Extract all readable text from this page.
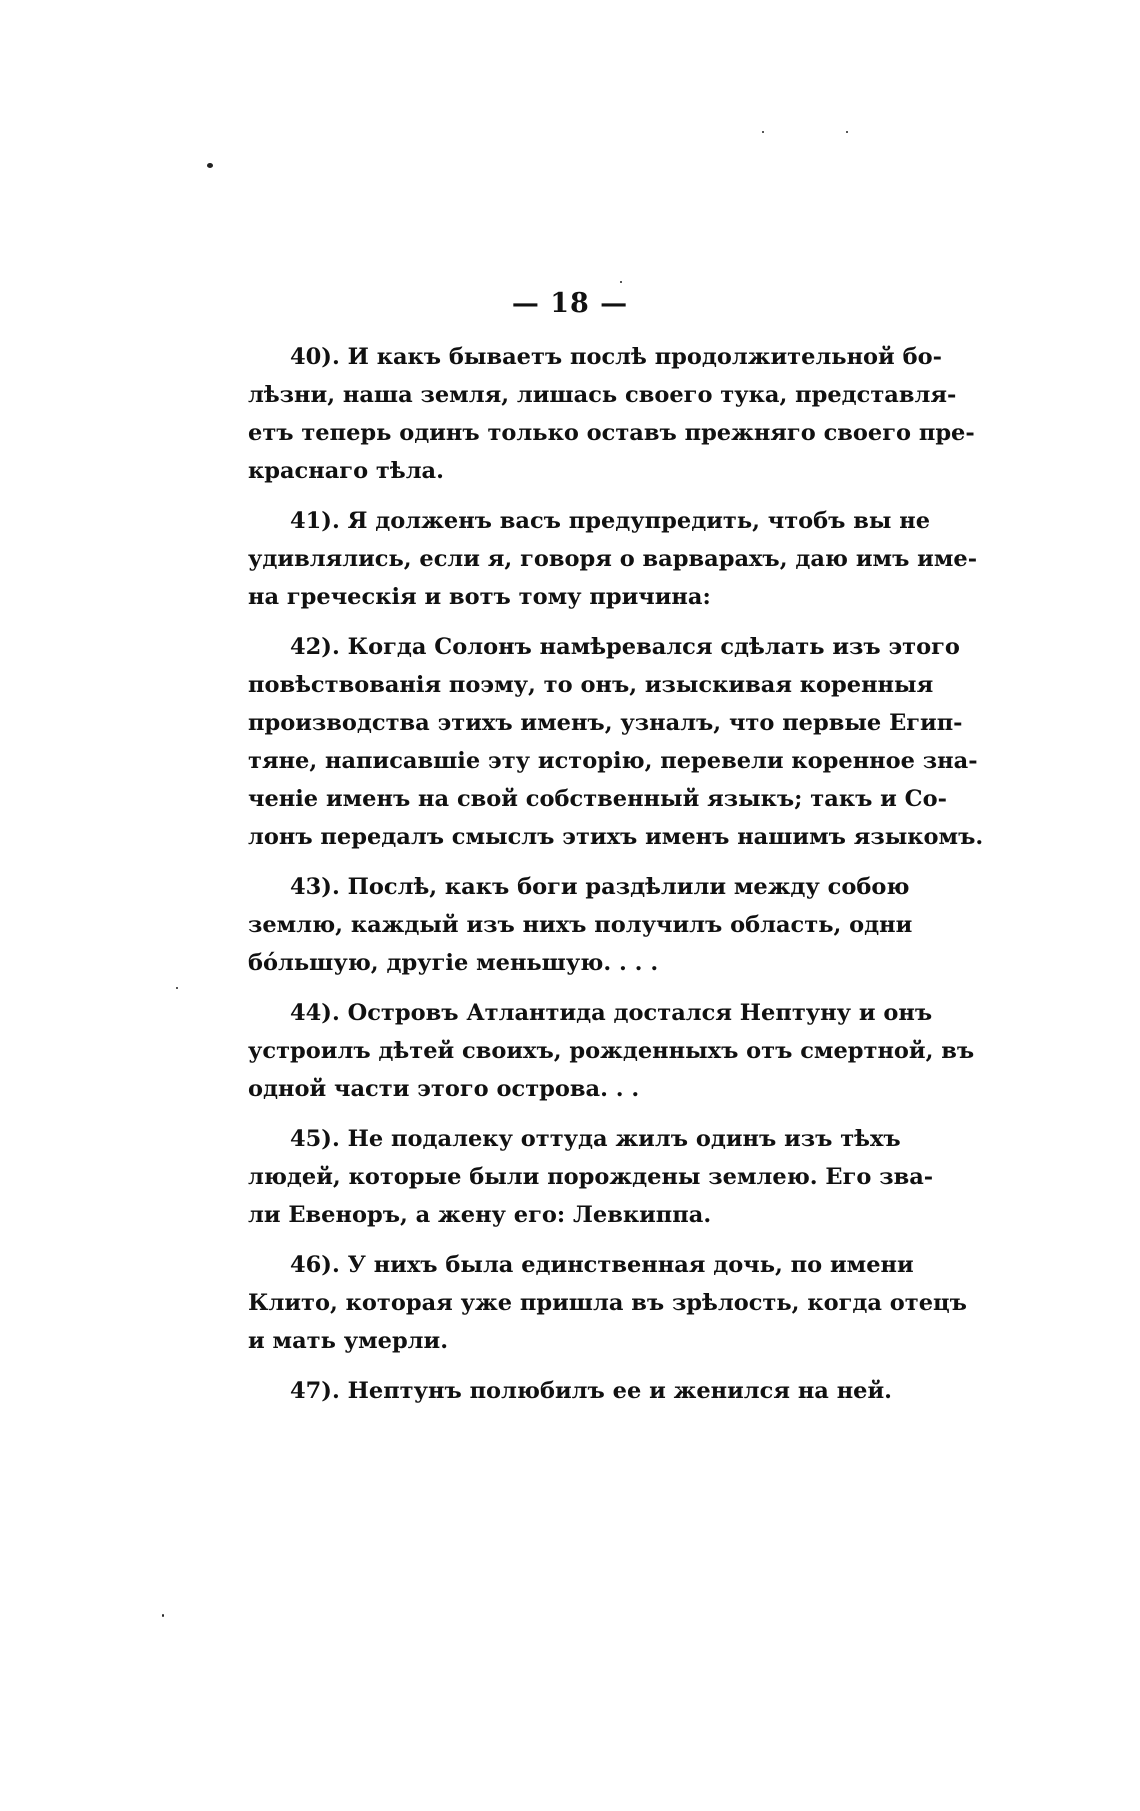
— 18 —
40). И какъ бываетъ послѣ продолжительной бо-
лѣзни, наша земля, лишась своего тука, представля-
етъ теперь одинъ только оставъ прежняго своего пре-
краснаго тѣла.
41). Я долженъ васъ предупредить, чтобъ вы не
удивлялись, если я, говоря о варварахъ, даю имъ име-
на греческія и вотъ тому причина:
42). Когда Солонъ намѣревался сдѣлать изъ этого
повѣствованія поэму, то онъ, изыскивая коренныя
производства этихъ именъ, узналъ, что первые Егип-
тяне, написавшіе эту исторію, перевели коренное зна-
ченіе именъ на свой собственный языкъ; такъ и Со-
лонъ передалъ смыслъ этихъ именъ нашимъ языкомъ.
43). Послѣ, какъ боги раздѣлили между собою
землю, каждый изъ нихъ получилъ область, одни
бо́льшую, другіе меньшую. . . .
44). Островъ Атлантида достался Нептуну и онъ
устроилъ дѣтей своихъ, рожденныхъ отъ смертной, въ
одной части этого острова. . .
45). Не подалеку оттуда жилъ одинъ изъ тѣхъ
людей, которые были порождены землею. Его зва-
ли Евеноръ, а жену его: Левкиппа.
46). У нихъ была единственная дочь, по имени
Клито, которая уже пришла въ зрѣлость, когда отецъ
и мать умерли.
47). Нептунъ полюбилъ ее и женился на ней.
